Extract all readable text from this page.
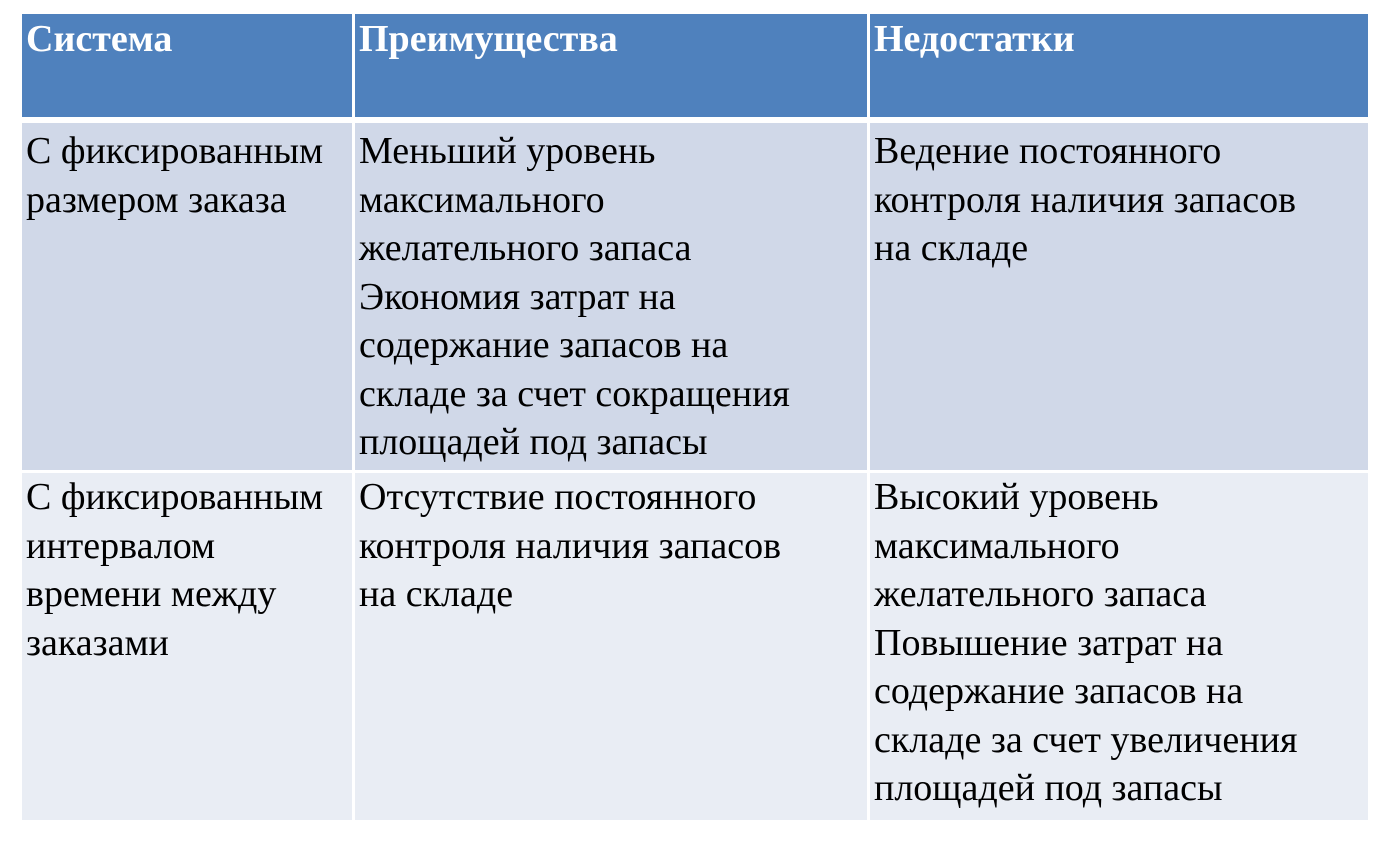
Система	Преимущества	Недостатки
С фиксированным
размером заказа
Меньший уровень
максимального
желательного запаса
Экономия затрат на
содержание запасов на
складе за счет сокращения
площадей под запасы
Ведение постоянного
контроля наличия запасов
на складе
С фиксированным
интервалом
времени между
заказами
Отсутствие постоянного
контроля наличия запасов
на складе
Высокий уровень
максимального
желательного запаса
Повышение затрат на
содержание запасов на
складе за счет увеличения
площадей под запасы
